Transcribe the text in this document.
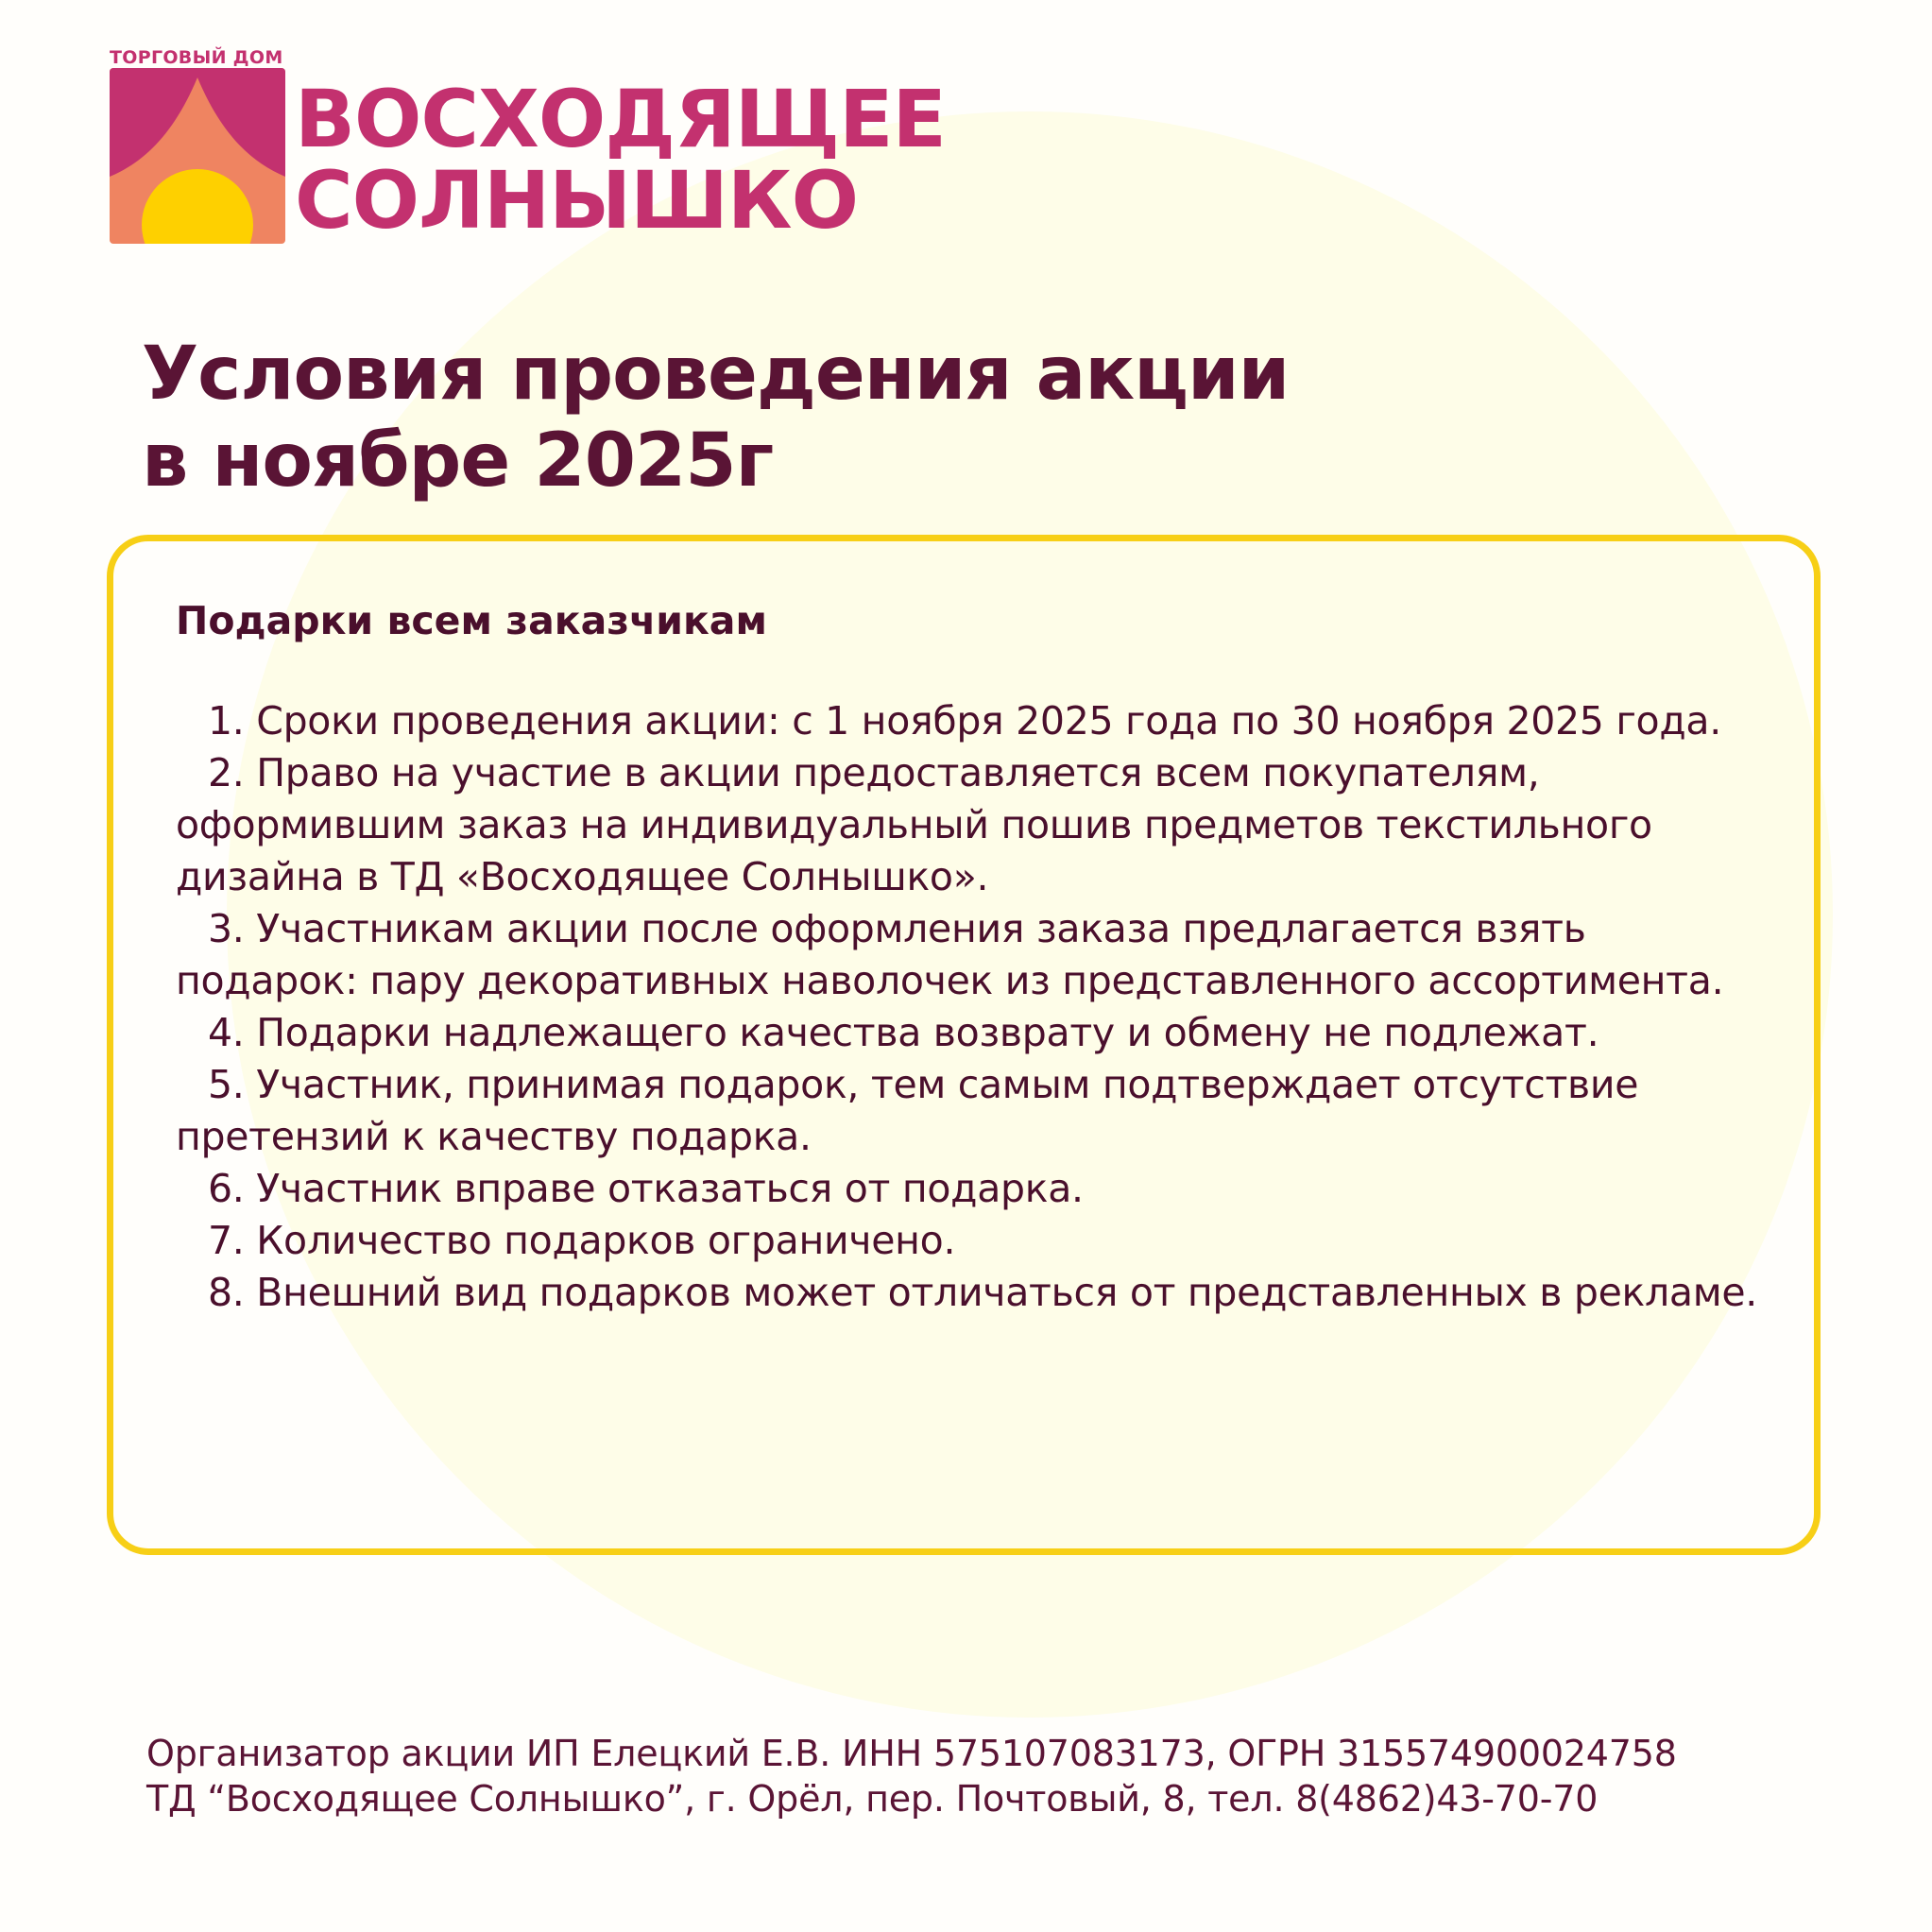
ТОРГОВЫЙ ДОМ
ВОСХОДЯЩЕЕ
СОЛНЫШКО
Условия проведения акции
в ноябре 2025г
Подарки всем заказчикам
1. Сроки проведения акции: с 1 ноября 2025 года по 30 ноября 2025 года.
2. Право на участие в акции предоставляется всем покупателям, оформившим заказ на индивидуальный пошив предметов текстильного дизайна в ТД «Восходящее Солнышко».
3. Участникам акции после оформления заказа предлагается взять подарок: пару декоративных наволочек из представленного ассортимента.
4. Подарки надлежащего качества возврату и обмену не подлежат.
5. Участник, принимая подарок, тем самым подтверждает отсутствие претензий к качеству подарка.
6. Участник вправе отказаться от подарка.
7. Количество подарков ограничено.
8. Внешний вид подарков может отличаться от представленных в рекламе.
Организатор акции ИП Елецкий Е.В. ИНН 575107083173, ОГРН 315574900024758
ТД “Восходящее Солнышко”, г. Орёл, пер. Почтовый, 8, тел. 8(4862)43-70-70
